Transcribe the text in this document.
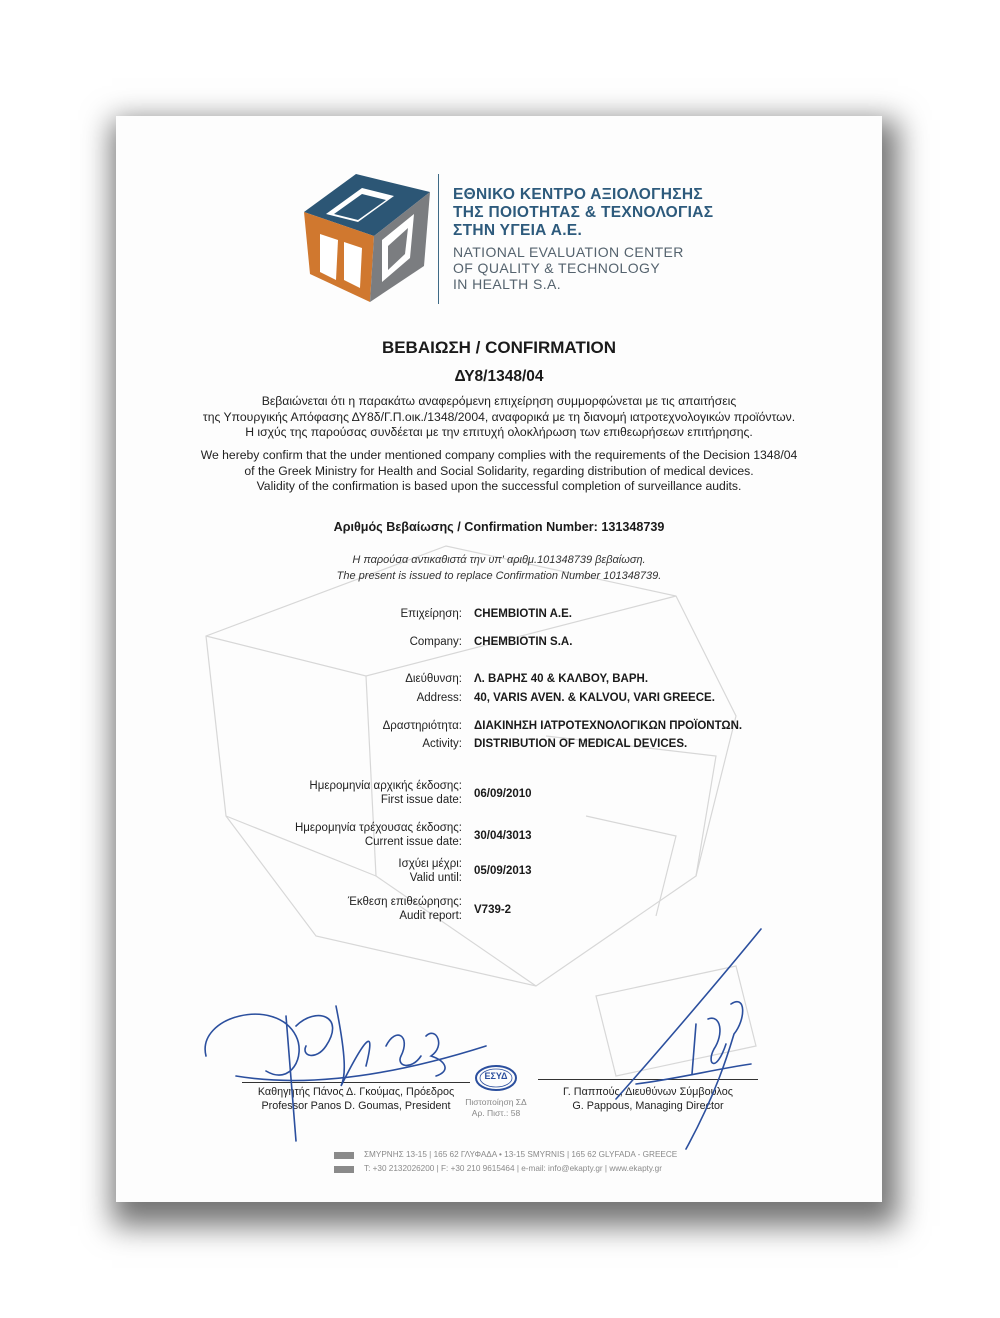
ΕΘΝΙΚΟ ΚΕΝΤΡΟ ΑΞΙΟΛΟΓΗΣΗΣ
ΤΗΣ ΠΟΙΟΤΗΤΑΣ & ΤΕΧΝΟΛΟΓΙΑΣ
ΣΤΗΝ ΥΓΕΙΑ Α.Ε.
NATIONAL EVALUATION CENTER
OF QUALITY & TECHNOLOGY
IN HEALTH S.A.
ΒΕΒΑΙΩΣΗ / CONFIRMATION
ΔΥ8/1348/04
Βεβαιώνεται ότι η παρακάτω αναφερόμενη επιχείρηση συμμορφώνεται με τις απαιτήσεις
της Υπουργικής Απόφασης ΔΥ8δ/Γ.Π.οικ./1348/2004, αναφορικά με τη διανομή ιατροτεχνολογικών προϊόντων.
Η ισχύς της παρούσας συνδέεται με την επιτυχή ολοκλήρωση των επιθεωρήσεων επιτήρησης.
We hereby confirm that the under mentioned company complies with the requirements of the Decision 1348/04
of the Greek Ministry for Health and Social Solidarity, regarding distribution of medical devices.
Validity of the confirmation is based upon the successful completion of surveillance audits.
Αριθμός Βεβαίωσης / Confirmation Number: 131348739
Η παρούσα αντικαθιστά την υπ' αριθμ.101348739 βεβαίωση.
The present is issued to replace Confirmation Number 101348739.
Επιχείρηση: CHEMBIOTIN A.E.
Company: CHEMBIOTIN S.A.
Διεύθυνση: Λ. ΒΑΡΗΣ 40 & ΚΑΛΒΟΥ, ΒΑΡΗ.
Address: 40, VARIS AVEN. & KALVOU, VARI GREECE.
Δραστηριότητα: ΔΙΑΚΙΝΗΣΗ ΙΑΤΡΟΤΕΧΝΟΛΟΓΙΚΩΝ ΠΡΟΪΟΝΤΩΝ.
Activity: DISTRIBUTION OF MEDICAL DEVICES.
Ημερομηνία αρχικής έκδοσης:
First issue date: 06/09/2010
Ημερομηνία τρέχουσας έκδοσης:
Current issue date: 30/04/3013
Ισχύει μέχρι:
Valid until:
05/09/2013
Έκθεση επιθεώρησης:
Audit report: V739-2
Καθηγητής Πάνος Δ. Γκούμας, Πρόεδρος
Professor Panos D. Goumas, President
Γ. Παππούς, Διευθύνων Σύμβουλος
G. Pappous, Managing Director
ΕΣΥΔ
Πιστοποίηση ΣΔ
Αρ. Πιστ.: 58
ΣΜΥΡΝΗΣ 13-15 | 165 62 ΓΛΥΦΑΔΑ • 13-15 SMYRNIS | 165 62 GLYFADA - GREECE
T: +30 2132026200 | F: +30 210 9615464 | e-mail: info@ekapty.gr | www.ekapty.gr
